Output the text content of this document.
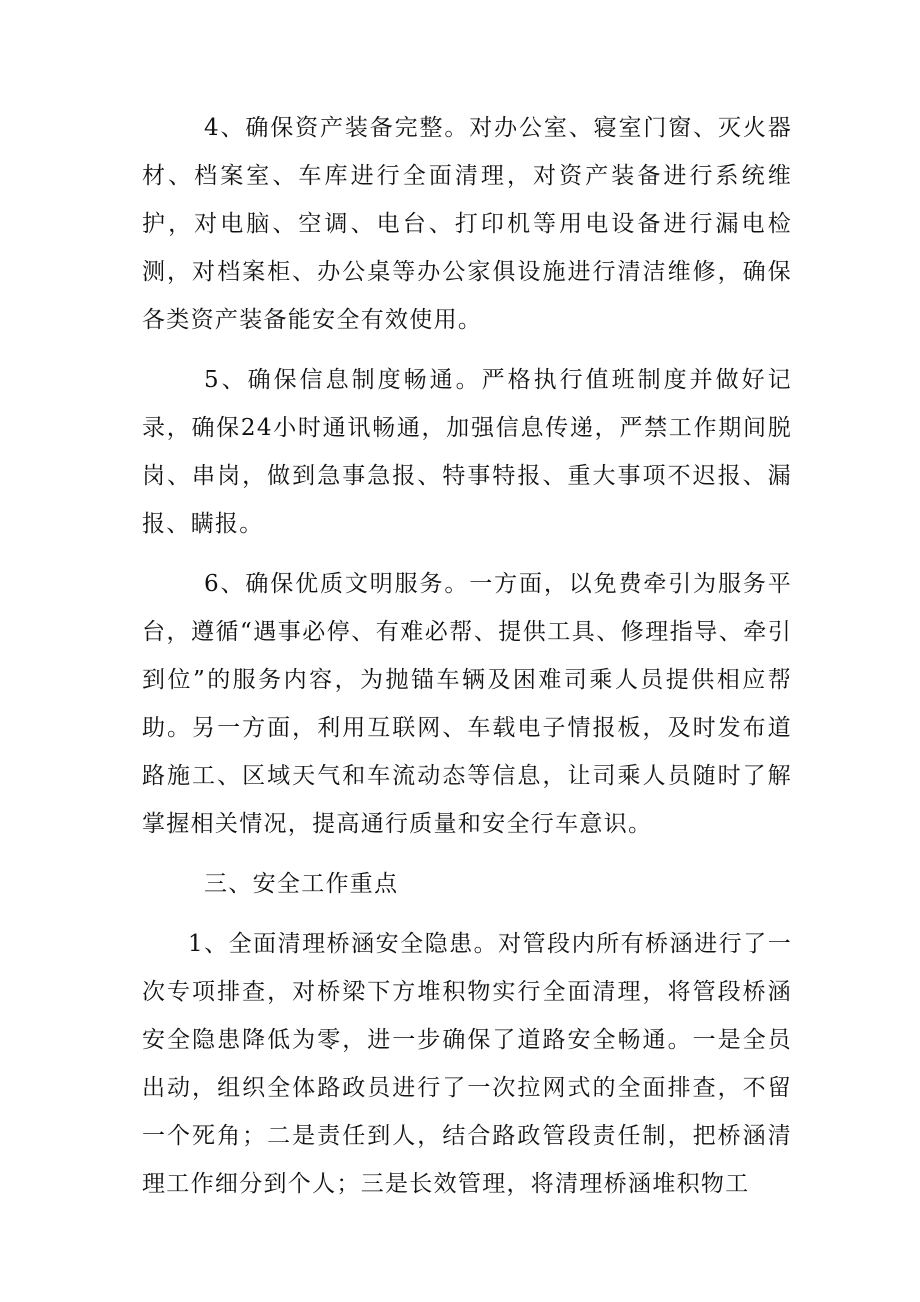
4、确保资产装备完整。对办公室、寝室门窗、灭火器材、档案室、车库进行全面清理，对资产装备进行系统维护，对电脑、空调、电台、打印机等用电设备进行漏电检测，对档案柜、办公桌等办公家俱设施进行清洁维修，确保各类资产装备能安全有效使用。

5、确保信息制度畅通。严格执行值班制度并做好记录，确保24小时通讯畅通，加强信息传递，严禁工作期间脱岗、串岗，做到急事急报、特事特报、重大事项不迟报、漏报、瞒报。

6、确保优质文明服务。一方面，以免费牵引为服务平台，遵循“遇事必停、有难必帮、提供工具、修理指导、牵引到位”的服务内容，为抛锚车辆及困难司乘人员提供相应帮助。另一方面，利用互联网、车载电子情报板，及时发布道路施工、区域天气和车流动态等信息，让司乘人员随时了解掌握相关情况，提高通行质量和安全行车意识。

三、安全工作重点

1、全面清理桥涵安全隐患。对管段内所有桥涵进行了一次专项排查，对桥梁下方堆积物实行全面清理，将管段桥涵安全隐患降低为零，进一步确保了道路安全畅通。一是全员出动，组织全体路政员进行了一次拉网式的全面排查，不留一个死角；二是责任到人，结合路政管段责任制，把桥涵清理工作细分到个人；三是长效管理，将清理桥涵堆积物工
